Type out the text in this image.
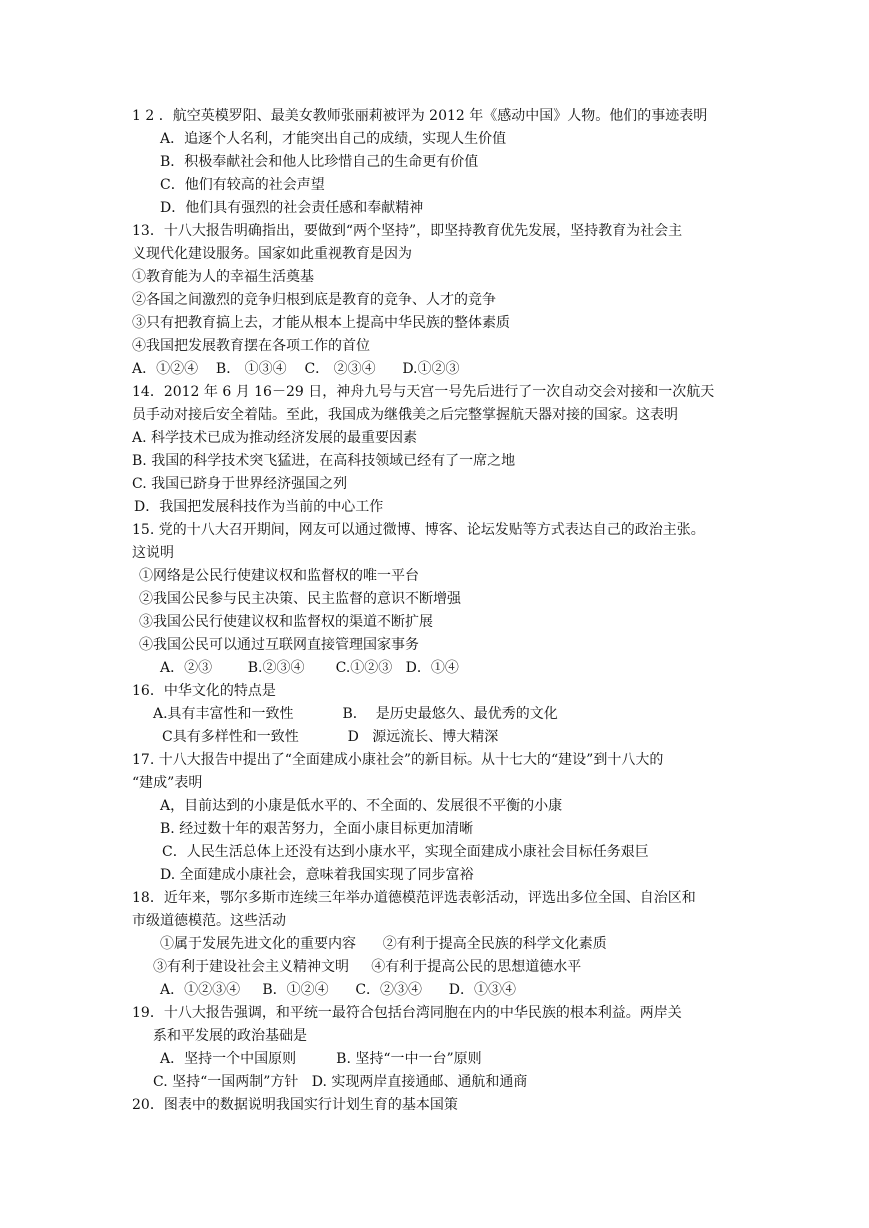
1 2 ．航空英模罗阳、最美女教师张丽莉被评为 2012 年《感动中国》人物。他们的事迹表明
A．追逐个人名利，才能突出自己的成绩，实现人生价值
B．积极奉献社会和他人比珍惜自己的生命更有价值
C．他们有较高的社会声望
D．他们具有强烈的社会责任感和奉献精神
13．十八大报告明确指出，要做到“两个坚持”，即坚持教育优先发展，坚持教育为社会主
义现代化建设服务。国家如此重视教育是因为
①教育能为人的幸福生活奠基
②各国之间激烈的竞争归根到底是教育的竞争、人才的竞争
③只有把教育搞上去，才能从根本上提高中华民族的整体素质
④我国把发展教育摆在各项工作的首位
A．①②④    B． ①③④    C． ②③④      D.①②③
14．2012 年 6 月 16－29 日，神舟九号与天宫一号先后进行了一次自动交会对接和一次航天
员手动对接后安全着陆。至此，我国成为继俄美之后完整掌握航天器对接的国家。这表明
A. 科学技术已成为推动经济发展的最重要因素
B. 我国的科学技术突飞猛进，在高科技领域已经有了一席之地
C. 我国已跻身于世界经济强国之列
D．我国把发展科技作为当前的中心工作
15. 党的十八大召开期间，网友可以通过微博、博客、论坛发贴等方式表达自己的政治主张。
这说明
①网络是公民行使建议权和监督权的唯一平台
②我国公民参与民主决策、民主监督的意识不断增强
③我国公民行使建议权和监督权的渠道不断扩展
④我国公民可以通过互联网直接管理国家事务
A．②③        B.②③④       C.①②③   D．①④
16．中华文化的特点是
A.具有丰富性和一致性           B．  是历史最悠久、最优秀的文化
C具有多样性和一致性           D   源远流长、博大精深
17. 十八大报告中提出了“全面建成小康社会”的新目标。从十七大的“建设”到十八大的
“建成”表明
A，目前达到的小康是低水平的、不全面的、发展很不平衡的小康
B. 经过数十年的艰苦努力，全面小康目标更加清晰
C．人民生活总体上还没有达到小康水平，实现全面建成小康社会目标任务艰巨
D. 全面建成小康社会，意味着我国实现了同步富裕
18．近年来，鄂尔多斯市连续三年举办道德模范评选表彰活动，评选出多位全国、自治区和
市级道德模范。这些活动
①属于发展先进文化的重要内容      ②有利于提高全民族的科学文化素质
③有利于建设社会主义精神文明     ④有利于提高公民的思想道德水平
A．①②③④     B．①②④      C．②③④      D．①③④
19．十八大报告强调，和平统一最符合包括台湾同胞在内的中华民族的根本利益。两岸关
系和平发展的政治基础是
A．坚持一个中国原则         B. 坚持“一中一台”原则
C. 坚持“一国两制”方针   D. 实现两岸直接通邮、通航和通商
20．图表中的数据说明我国实行计划生育的基本国策
